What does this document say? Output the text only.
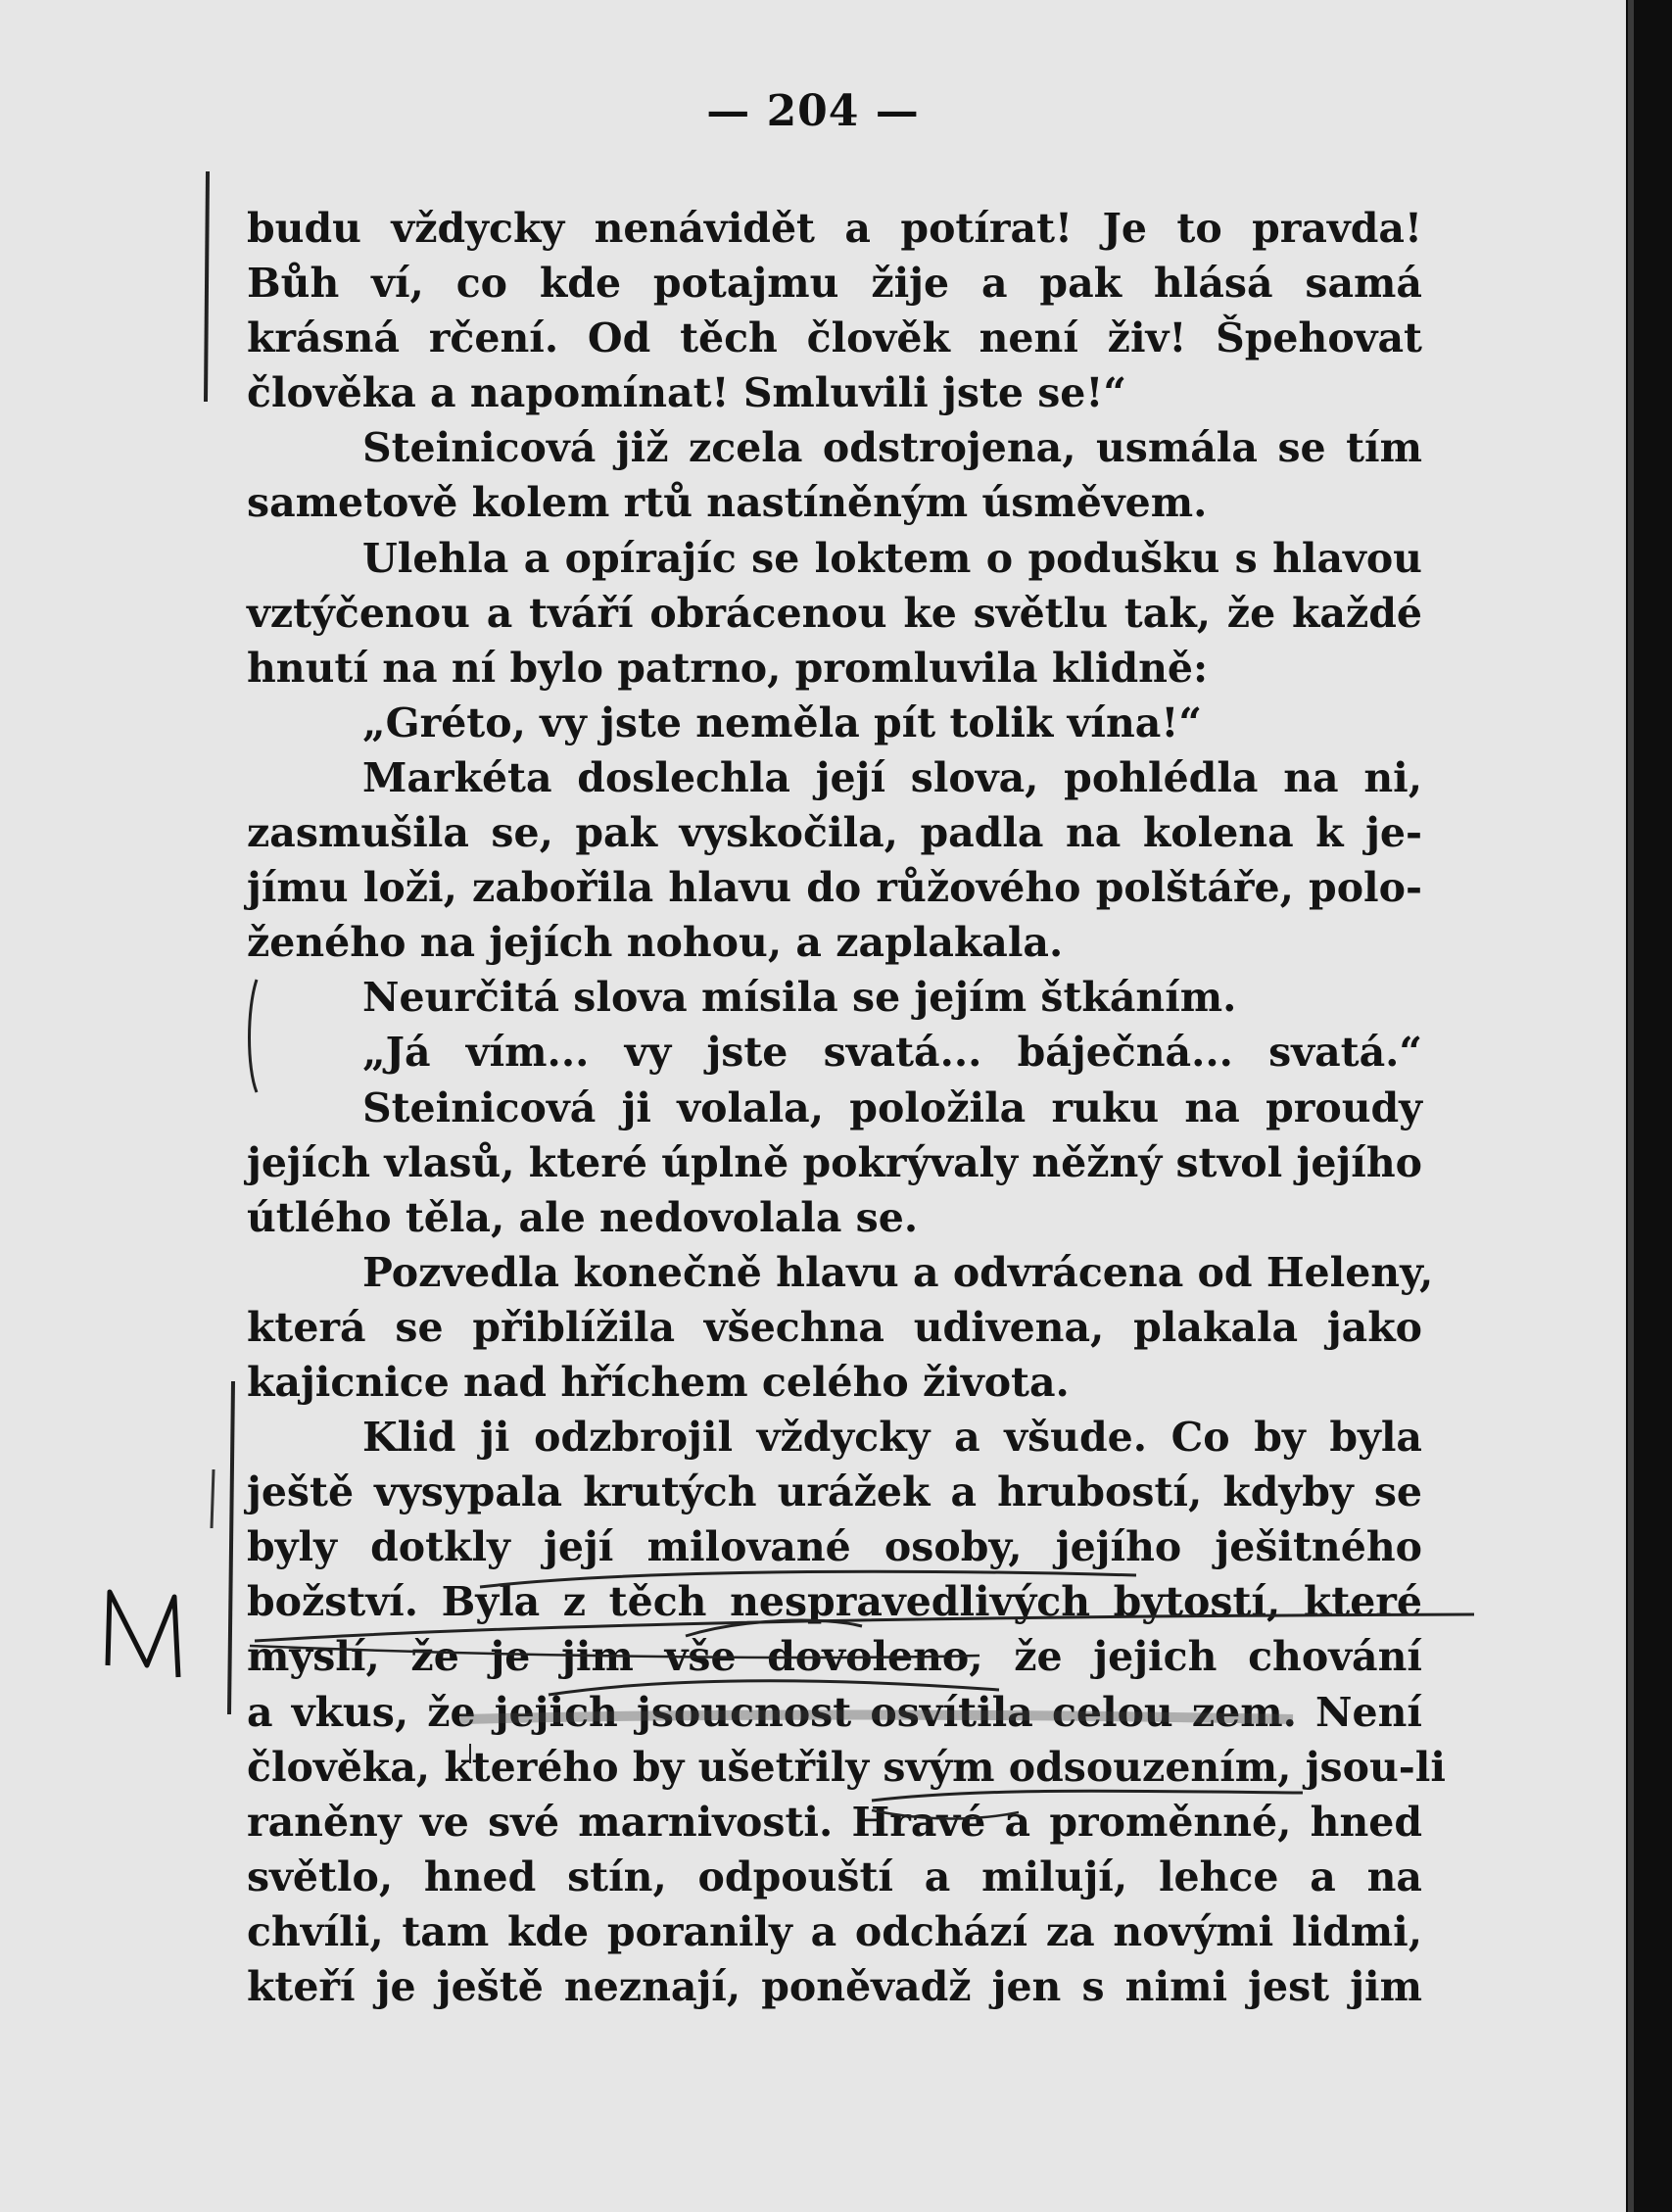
— 204 —
budu vždycky nenávidět a potírat! Je to pravda!
Bůh ví, co kde potajmu žije a pak hlásá samá
krásná rčení. Od těch člověk není živ! Špehovat
člověka a napomínat! Smluvili jste se!“
Steinicová již zcela odstrojena, usmála se tím
sametově kolem rtů nastíněným úsměvem.
Ulehla a opírajíc se loktem o podušku s hlavou
vztýčenou a tváří obrácenou ke světlu tak, že každé
hnutí na ní bylo patrno, promluvila klidně:
„Gréto, vy jste neměla pít tolik vína!“
Markéta doslechla její slova, pohlédla na ni,
zasmušila se, pak vyskočila, padla na kolena k je-
jímu loži, zabořila hlavu do růžového polštáře, polo-
ženého na jejích nohou, a zaplakala.
Neurčitá slova mísila se jejím štkáním.
„Já vím... vy jste svatá... báječná... svatá.“
Steinicová ji volala, položila ruku na proudy
jejích vlasů, které úplně pokrývaly něžný stvol jejího
útlého těla, ale nedovolala se.
Pozvedla konečně hlavu a odvrácena od Heleny,
která se přiblížila všechna udivena, plakala jako
kajicnice nad hříchem celého života.
Klid ji odzbrojil vždycky a všude. Co by byla
ještě vysypala krutých urážek a hrubostí, kdyby se
byly dotkly její milované osoby, jejího ješitného
božství. Byla z těch nespravedlivých bytostí, které
myslí, že je jim vše dovoleno, že jejich chování
a vkus, že jejich jsoucnost osvítila celou zem. Není
člověka, kterého by ušetřily svým odsouzením, jsou-li
raněny ve své marnivosti. Hravé a proměnné, hned
světlo, hned stín, odpouští a milují, lehce a na
chvíli, tam kde poranily a odchází za novými lidmi,
kteří je ještě neznají, poněvadž jen s nimi jest jim
